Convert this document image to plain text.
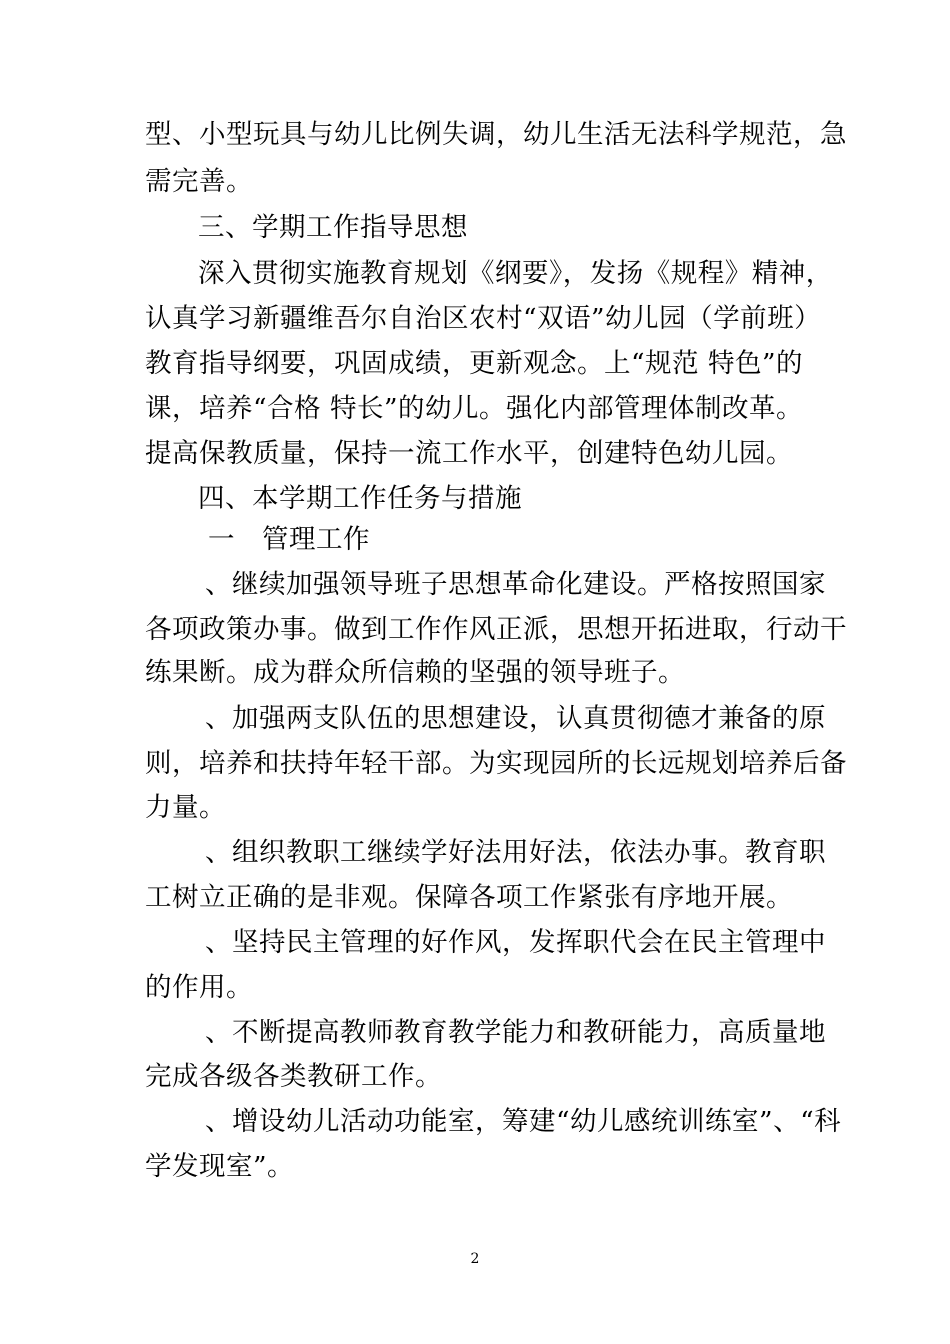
型、小型玩具与幼儿比例失调，幼儿生活无法科学规范，急
需完善。
三、学期工作指导思想
深入贯彻实施教育规划《纲要》，发扬《规程》精神，
认真学习新疆维吾尔自治区农村“双语”幼儿园（学前班）
教育指导纲要，巩固成绩，更新观念。上“规范 特色”的
课，培养“合格 特长”的幼儿。强化内部管理体制改革。
提高保教质量，保持一流工作水平，创建特色幼儿园。
四、本学期工作任务与措施
一　管理工作
、继续加强领导班子思想革命化建设。严格按照国家
各项政策办事。做到工作作风正派，思想开拓进取，行动干
练果断。成为群众所信赖的坚强的领导班子。
、加强两支队伍的思想建设，认真贯彻德才兼备的原
则，培养和扶持年轻干部。为实现园所的长远规划培养后备
力量。
、组织教职工继续学好法用好法，依法办事。教育职
工树立正确的是非观。保障各项工作紧张有序地开展。
、坚持民主管理的好作风，发挥职代会在民主管理中
的作用。
、不断提高教师教育教学能力和教研能力，高质量地
完成各级各类教研工作。
、增设幼儿活动功能室，筹建“幼儿感统训练室”、“科
学发现室”。
2
